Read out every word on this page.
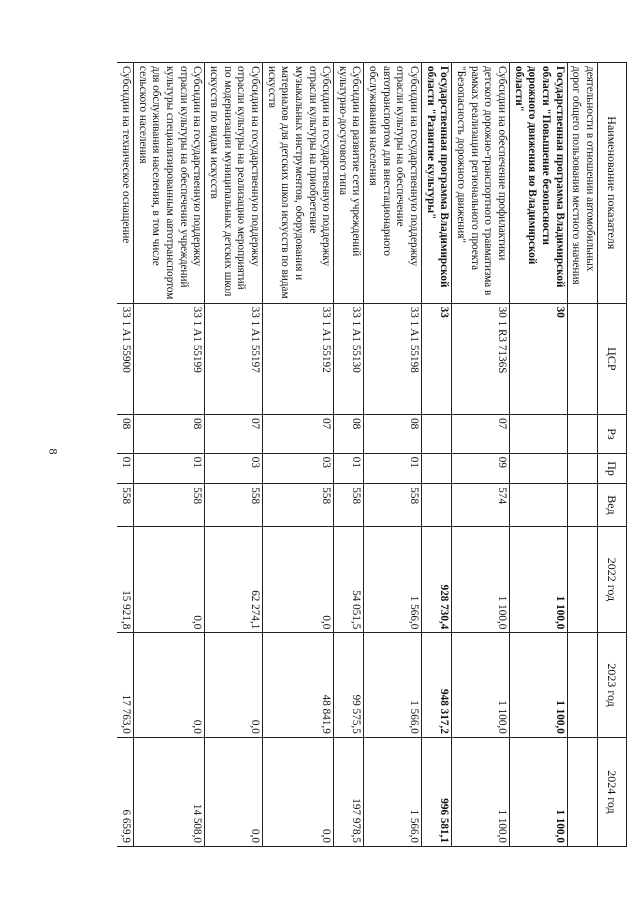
8
Наименование показателя	ЦСР	Рз	Пр	Вед	2022 год	2023 год	2024 год
деятельности в отношении автомобильных дорог общего пользования местного значения							
Государственная программа Владимирской области "Повышение безопасности дорожного движения во Владимирской области"	30				1 100,0	1 100,0	1 100,0
Субсидии на обеспечение профилактики детского дорожно-транспортного травматизма в рамках реализации регионального проекта "Безопасность дорожного движения"	30 1 R3 7136S	07	09	574	1 100,0	1 100,0	1 100,0
Государственная программа Владимирской области "Развитие культуры"	33				928 730,4	948 317,2	996 581,1
Субсидии на государственную поддержку отрасли культуры на обеспечение автотранспортом для внестационарного обслуживания населения	33 1 A1 55198	08	01	558	1 566,0	1 566,0	1 566,0
Субсидии на развитие сети учреждений культурно-досугового типа	33 1 A1 55130	08	01	558	54 051,5	99 575,5	197 978,5
Субсидии на государственную поддержку отрасли культуры на приобретение музыкальных инструментов, оборудования и материалов для детских школ искусств по видам искусств	33 1 A1 55192	07	03	558	0,0	48 841,9	0,0
Субсидии на государственную поддержку отрасли культуры на реализацию мероприятий по модернизации муниципальных детских школ искусств по видам искусств	33 1 A1 55197	07	03	558	62 274,1	0,0	0,0
Субсидии на государственную поддержку отрасли культуры на обеспечение учреждений культуры специализированным автотранспортом для обслуживания населения, в том числе сельского населения	33 1 A1 55199	08	01	558	0,0	0,0	14 508,0
Субсидии на техническое оснащение	33 1 A1 55900	08	01	558	15 921,8	17 763,0	6 659,9
